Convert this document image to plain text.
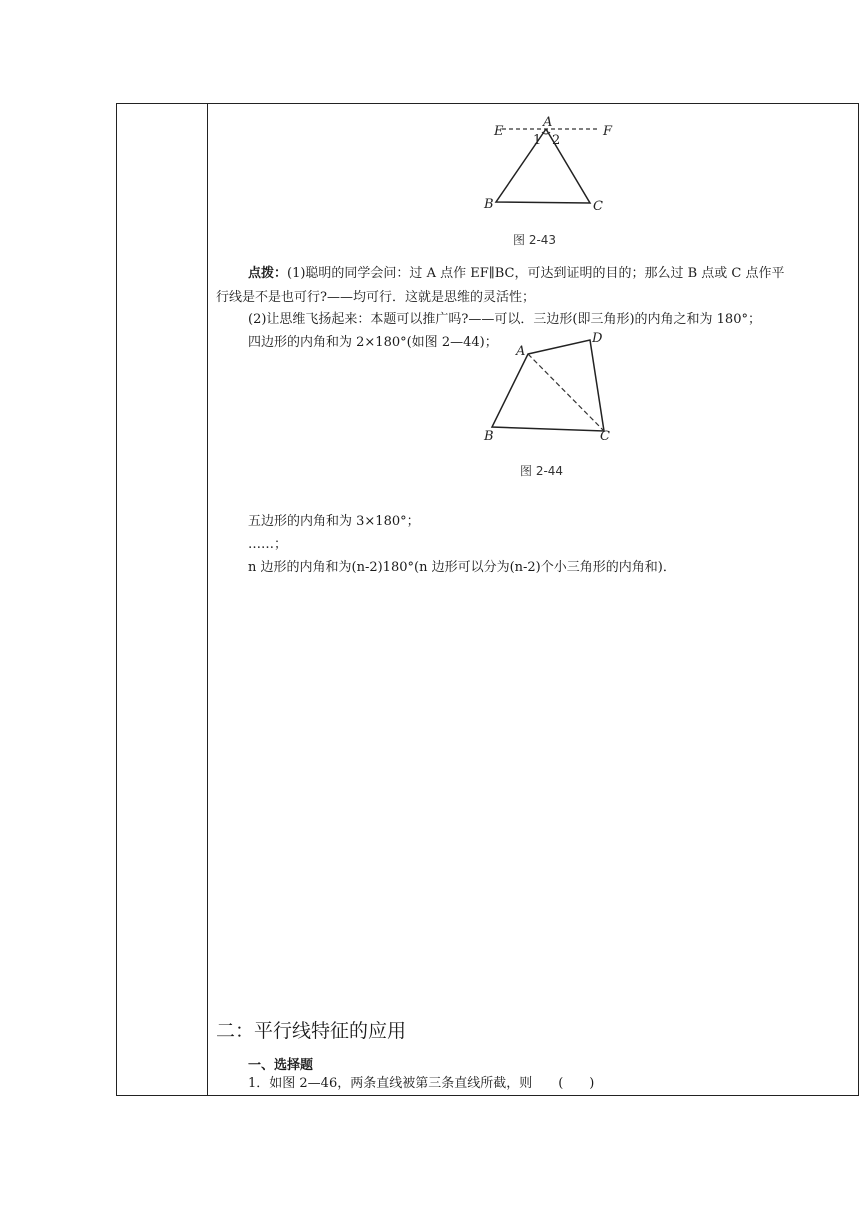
E
A
F
1 2
B	C
图 2-43
点拨：(1)聪明的同学会问：过 A 点作 EF∥BC，可达到证明的目的；那么过 B 点或 C 点作平
行线是不是也可行?——均可行．这就是思维的灵活性；
(2)让思维飞扬起来：本题可以推广吗?——可以．三边形(即三角形)的内角之和为 180°；
四边形的内角和为 2×180°(如图 2—44)；
A
D
B	C
图 2-44
五边形的内角和为 3×180°；
……；
n 边形的内角和为(n-2)180°(n 边形可以分为(n-2)个小三角形的内角和)．
二：平行线特征的应用
一、选择题
1．如图 2—46，两条直线被第三条直线所截，则　　(　　)
